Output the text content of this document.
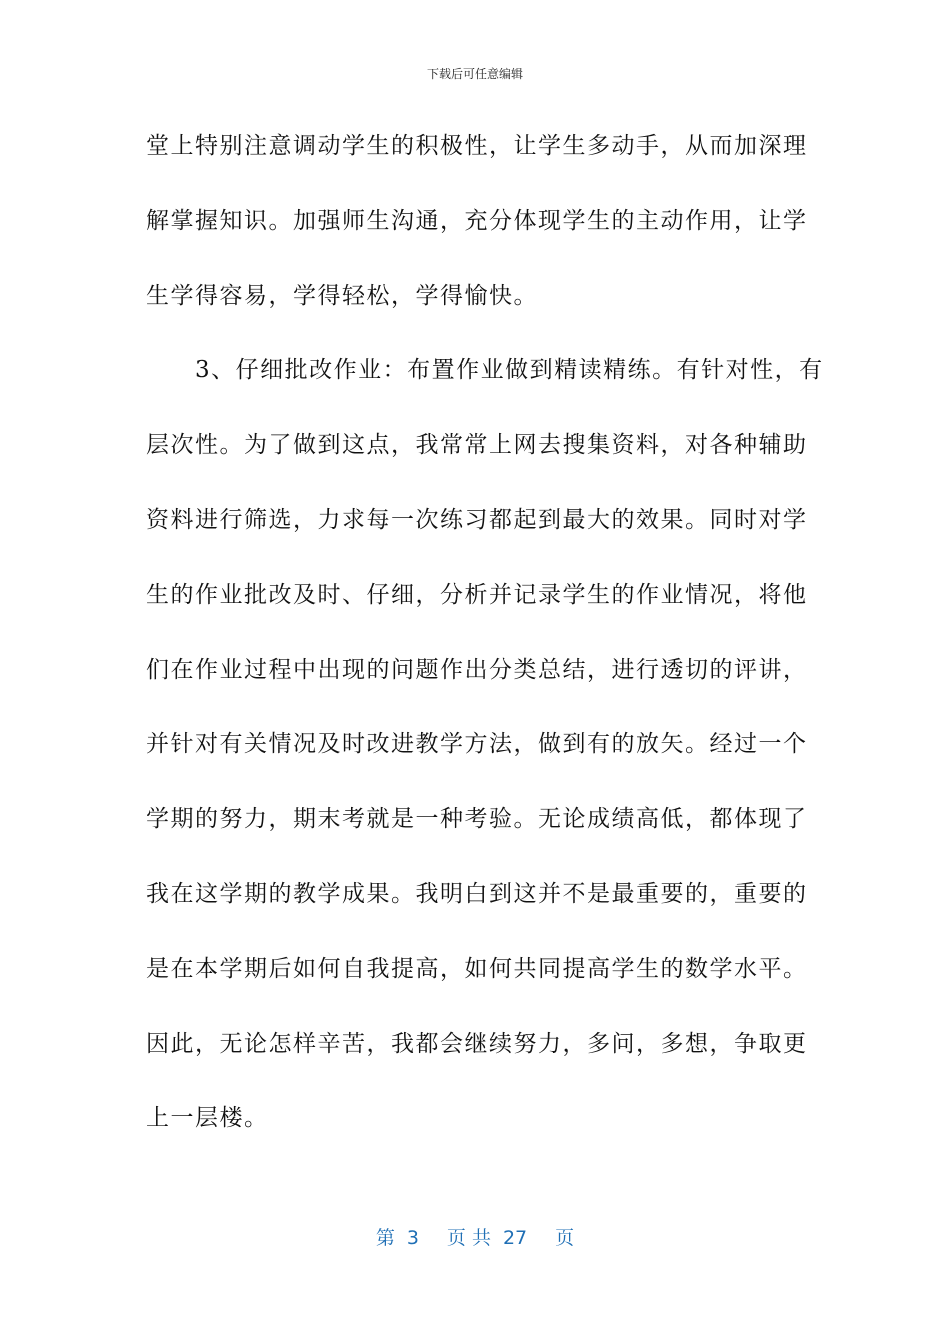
下载后可任意编辑
堂上特别注意调动学生的积极性，让学生多动手，从而加深理
解掌握知识。加强师生沟通，充分体现学生的主动作用，让学
生学得容易，学得轻松，学得愉快。
　　3、仔细批改作业：布置作业做到精读精练。有针对性，有
层次性。为了做到这点，我常常上网去搜集资料，对各种辅助
资料进行筛选，力求每一次练习都起到最大的效果。同时对学
生的作业批改及时、仔细，分析并记录学生的作业情况，将他
们在作业过程中出现的问题作出分类总结，进行透切的评讲，
并针对有关情况及时改进教学方法，做到有的放矢。经过一个
学期的努力，期末考就是一种考验。无论成绩高低，都体现了
我在这学期的教学成果。我明白到这并不是最重要的，重要的
是在本学期后如何自我提高，如何共同提高学生的数学水平。
因此，无论怎样辛苦，我都会继续努力，多问，多想，争取更
上一层楼。
第 3 页 共 27 页
